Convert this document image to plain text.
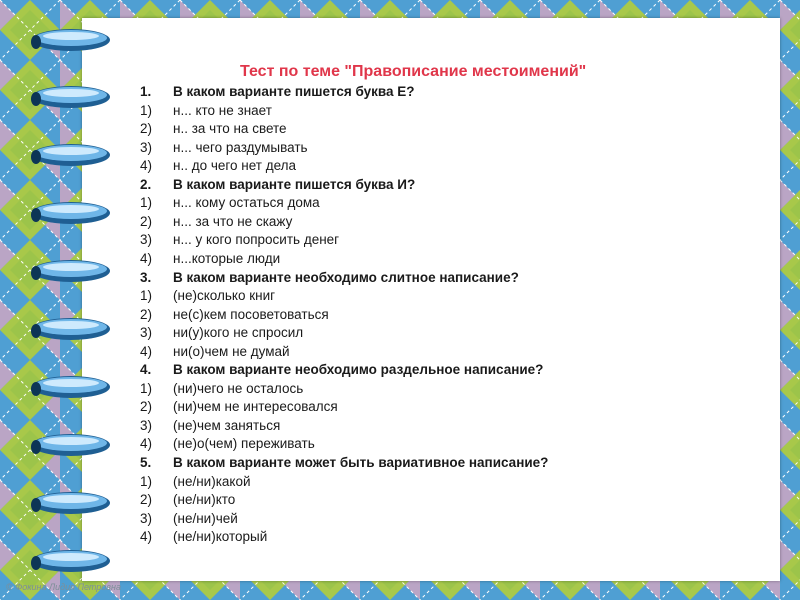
Тест по теме "Правописание местоимений"
1. В каком варианте пишется буква Е?
1) н... кто не знает
2) н.. за что на свете
3) н... чего раздумывать
4) н.. до чего нет дела
2. В каком варианте пишется буква И?
1) н... кому остаться дома
2) н... за что не скажу
3) н... у кого попросить денег
4) н...которые люди
3. В каком варианте необходимо слитное написание?
1) (не)сколько книг
2) не(с)кем посоветоваться
3) ни(у)кого не спросил
4) ни(о)чем не думай
4. В каком варианте необходимо раздельное написание?
1) (ни)чего не осталось
2) (ни)чем не интересовался
3) (не)чем заняться
4) (не)о(чем) переживать
5. В каком варианте может быть вариативное написание?
1) (не/ни)какой
2) (не/ни)кто
3) (не/ни)чей
4) (не/ни)который
© Фокина Лидия Петровна
